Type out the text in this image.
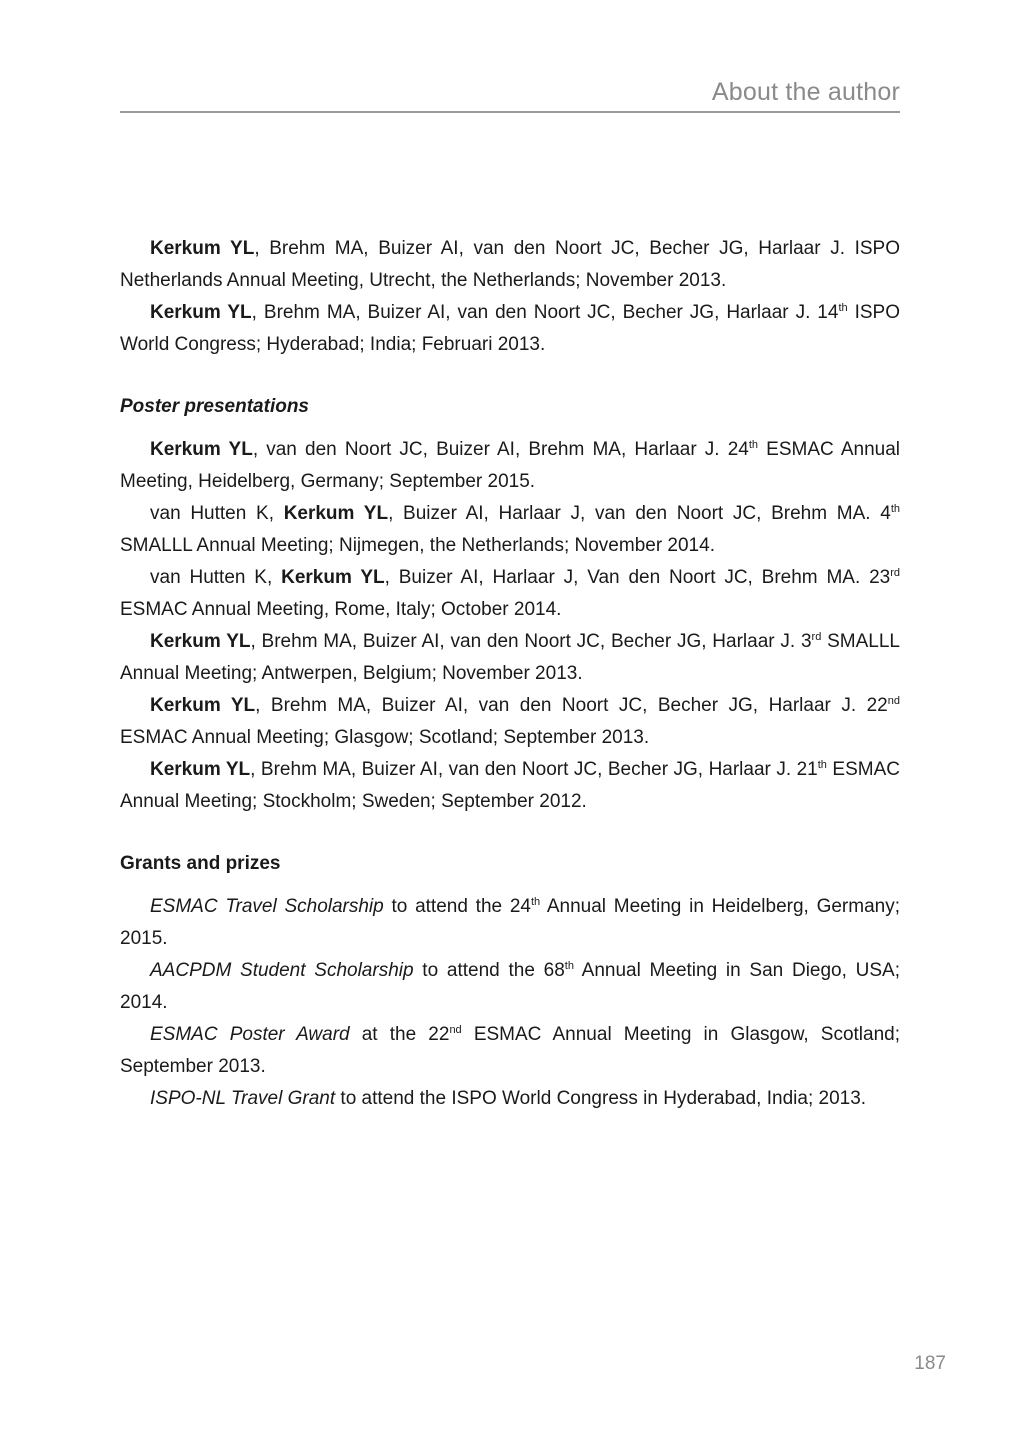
About the author

Kerkum YL, Brehm MA, Buizer AI, van den Noort JC, Becher JG, Harlaar J. ISPO Netherlands Annual Meeting, Utrecht, the Netherlands; November 2013.

Kerkum YL, Brehm MA, Buizer AI, van den Noort JC, Becher JG, Harlaar J. 14th ISPO World Congress; Hyderabad; India; Februari 2013.

Poster presentations

Kerkum YL, van den Noort JC, Buizer AI, Brehm MA, Harlaar J. 24th ESMAC Annual Meeting, Heidelberg, Germany; September 2015.

van Hutten K, Kerkum YL, Buizer AI, Harlaar J, van den Noort JC, Brehm MA. 4th SMALLL Annual Meeting; Nijmegen, the Netherlands; November 2014.

van Hutten K, Kerkum YL, Buizer AI, Harlaar J, Van den Noort JC, Brehm MA. 23rd ESMAC Annual Meeting, Rome, Italy; October 2014.

Kerkum YL, Brehm MA, Buizer AI, van den Noort JC, Becher JG, Harlaar J. 3rd SMALLL Annual Meeting; Antwerpen, Belgium; November 2013.

Kerkum YL, Brehm MA, Buizer AI, van den Noort JC, Becher JG, Harlaar J. 22nd ESMAC Annual Meeting; Glasgow; Scotland; September 2013.

Kerkum YL, Brehm MA, Buizer AI, van den Noort JC, Becher JG, Harlaar J. 21th ESMAC Annual Meeting; Stockholm; Sweden; September 2012.

Grants and prizes

ESMAC Travel Scholarship to attend the 24th Annual Meeting in Heidelberg, Germany; 2015.

AACPDM Student Scholarship to attend the 68th Annual Meeting in San Diego, USA; 2014.

ESMAC Poster Award at the 22nd ESMAC Annual Meeting in Glasgow, Scotland; September 2013.

ISPO-NL Travel Grant to attend the ISPO World Congress in Hyderabad, India; 2013.

187
